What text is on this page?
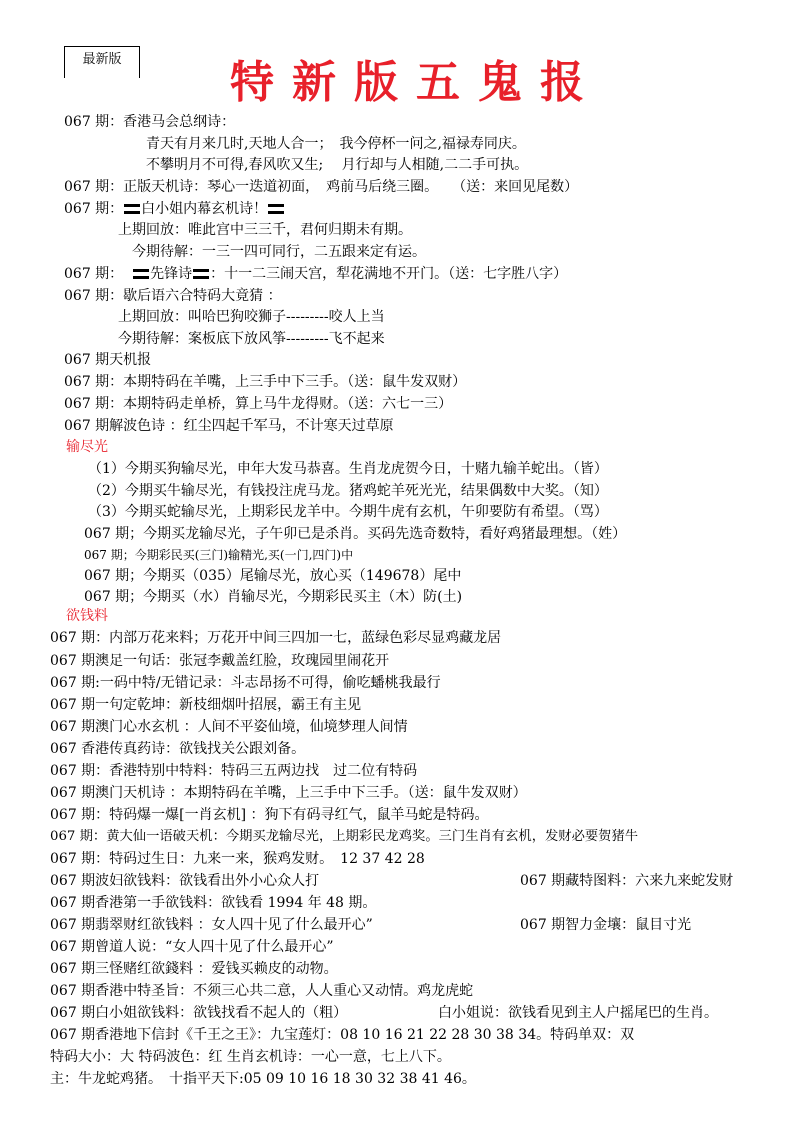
最新版	特新版五鬼报
067 期：香港马会总纲诗：
青天有月来几时,天地人合一；　我今停杯一问之,福禄寿同庆。
不攀明月不可得,春风吹又生;　 月行却与人相随,二二手可执。
067 期：正版天机诗：琴心一迭道初面，　鸡前马后绕三圈。　　（送：来回见尾数）
067 期： 白小姐内幕玄机诗！
上期回放：唯此宫中三三千，君何归期未有期。
今期待解：一三一四可同行，二五跟来定有运。
067 期： 先锋诗 ：十一二三闹天宫，犁花满地不开门。（送：七字胜八字）
067 期：歇后语六合特码大竟猜 ：
上期回放：叫哈巴狗咬狮子---------咬人上当
今期待解：案板底下放风筝---------飞不起来
067 期天机报
067 期：本期特码在羊嘴，上三手中下三手。（送：鼠牛发双财）
067 期：本期特码走单桥，算上马牛龙得财。（送：六七一三）
067 期解波色诗 ：红尘四起千军马，不计寒天过草原
输尽光
（1）今期买狗输尽光，申年大发马恭喜。生肖龙虎贺今日，十赌九输羊蛇出。（皆）
（2）今期买牛输尽光，有钱投注虎马龙。猪鸡蛇羊死光光，结果偶数中大奖。（知）
（3）今期买蛇输尽光，上期彩民龙羊中。今期牛虎有玄机，午卯要防有希望。（骂）
067 期；今期买龙输尽光，子午卯已是杀肖。买码先选奇数特，看好鸡猪最理想。（姓）
067 期；今期彩民买(三门)输精光,买(一门,四门)中
067 期；今期买（035）尾输尽光，放心买（149678）尾中
067 期；今期买（水）肖输尽光，今期彩民买主（木）防(土)
欲钱料
067 期：内部万花来料；万花开中间三四加一七，蓝绿色彩尽显鸡藏龙居
067 期澳足一句话：张冠李戴盖红脸，玫瑰园里闹花开
067 期:一码中特/无错记录：斗志昂扬不可得，偷吃蟠桃我最行
067 期一句定乾坤：新枝细烟叶招展，霸王有主见
067 期澳门心水玄机 ：人间不平姿仙境，仙境梦理人间情
067 香港传真药诗：欲钱找关公跟刘备。
067 期：香港特别中特料：特码三五两边找　过二位有特码
067 期澳门天机诗 ：本期特码在羊嘴，上三手中下三手。（送：鼠牛发双财）
067 期：特码爆一爆[一肖玄机] ：狗下有码寻红气，鼠羊马蛇是特码。
067 期：黄大仙一语破天机：今期买龙输尽光，上期彩民龙鸡奖。三门生肖有玄机，发财必要贺猪牛
067 期：特码过生日：九来一来，猴鸡发财。　12 37 42 28
067 期波妇欲钱料：欲钱看出外小心众人打	067 期藏特图料：六来九来蛇发财
067 期香港第一手欲钱料：欲钱看 1994 年 48 期。
067 期翡翠财红欲钱料 ：女人四十见了什么最开心”	067 期智力金壤：鼠目寸光
067 期曾道人说：“女人四十见了什么最开心”
067 期三怪赌红欲錢料 ：爱钱买赖皮的动物。
067 期香港中特圣旨：不须三心共二意，人人重心又动情。鸡龙虎蛇
067 期白小姐欲钱料：欲钱找看不起人的（粗）	白小姐说：欲钱看见到主人户摇尾巴的生肖。
067 期香港地下信封《千王之王》：九宝莲灯：08 10 16 21 22 28 30 38 34。特码单双：双
特码大小：大 特码波色：红 生肖玄机诗：一心一意，七上八下。
主：牛龙蛇鸡猪。　十指平天下:05 09 10 16 18 30 32 38 41 46。
